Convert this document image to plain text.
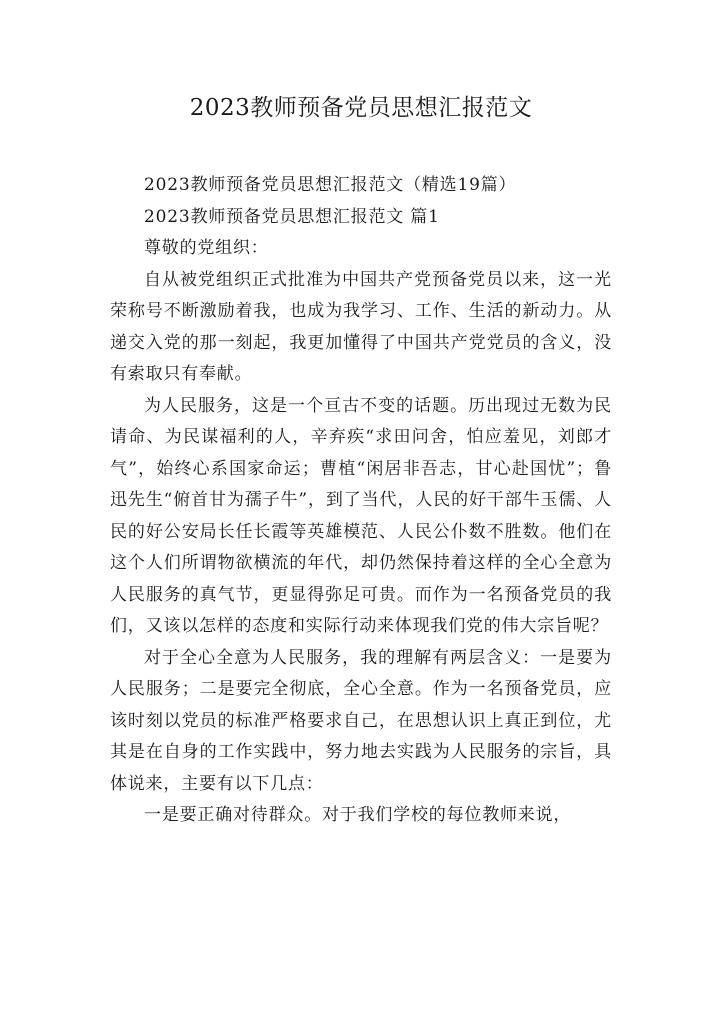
2023教师预备党员思想汇报范文

2023教师预备党员思想汇报范文（精选19篇）

2023教师预备党员思想汇报范文 篇1

尊敬的党组织：

自从被党组织正式批准为中国共产党预备党员以来，这一光荣称号不断激励着我，也成为我学习、工作、生活的新动力。从递交入党的那一刻起，我更加懂得了中国共产党党员的含义，没有索取只有奉献。

为人民服务，这是一个亘古不变的话题。历出现过无数为民请命、为民谋福利的人，辛弃疾“求田问舍，怕应羞见，刘郎才气”，始终心系国家命运；曹植“闲居非吾志，甘心赴国忧”；鲁迅先生“俯首甘为孺子牛”，到了当代，人民的好干部牛玉儒、人民的好公安局长任长霞等英雄模范、人民公仆数不胜数。他们在这个人们所谓物欲横流的年代，却仍然保持着这样的全心全意为人民服务的真气节，更显得弥足可贵。而作为一名预备党员的我们，又该以怎样的态度和实际行动来体现我们党的伟大宗旨呢？

对于全心全意为人民服务，我的理解有两层含义：一是要为人民服务；二是要完全彻底，全心全意。作为一名预备党员，应该时刻以党员的标准严格要求自己，在思想认识上真正到位，尤其是在自身的工作实践中，努力地去实践为人民服务的宗旨，具体说来，主要有以下几点：

一是要正确对待群众。对于我们学校的每位教师来说，
